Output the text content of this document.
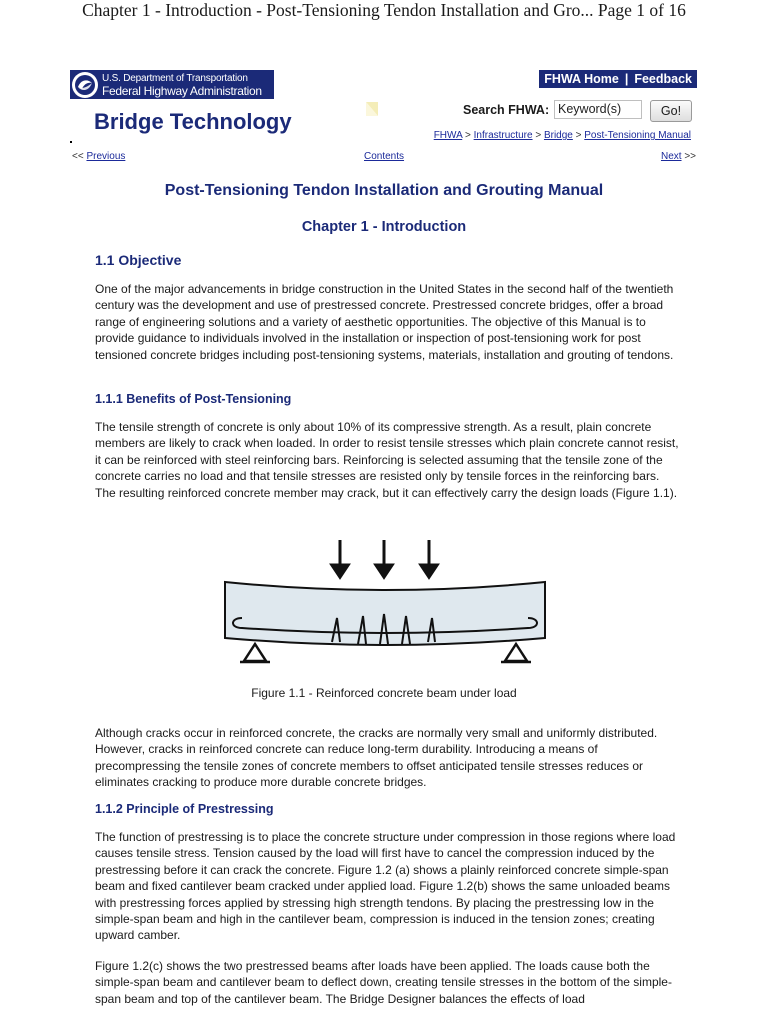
Chapter 1 - Introduction - Post-Tensioning Tendon Installation and Gro... Page 1 of 16
U.S. Department of Transportation
Federal Highway Administration
Bridge Technology
FHWA Home | Feedback
Search FHWA: Keyword(s)	Go!
FHWA > Infrastructure > Bridge > Post-Tensioning Manual
<< Previous	Contents	Next >>
Post-Tensioning Tendon Installation and Grouting Manual
Chapter 1 - Introduction
1.1 Objective

One of the major advancements in bridge construction in the United States in the second half of the twentieth century was the development and use of prestressed concrete. Prestressed concrete bridges, offer a broad range of engineering solutions and a variety of aesthetic opportunities. The objective of this Manual is to provide guidance to individuals involved in the installation or inspection of post-tensioning work for post tensioned concrete bridges including post-tensioning systems, materials, installation and grouting of tendons.

1.1.1 Benefits of Post-Tensioning

The tensile strength of concrete is only about 10% of its compressive strength. As a result, plain concrete members are likely to crack when loaded. In order to resist tensile stresses which plain concrete cannot resist, it can be reinforced with steel reinforcing bars. Reinforcing is selected assuming that the tensile zone of the concrete carries no load and that tensile stresses are resisted only by tensile forces in the reinforcing bars. The resulting reinforced concrete member may crack, but it can effectively carry the design loads (Figure 1.1).

Figure 1.1 - Reinforced concrete beam under load

Although cracks occur in reinforced concrete, the cracks are normally very small and uniformly distributed. However, cracks in reinforced concrete can reduce long-term durability. Introducing a means of precompressing the tensile zones of concrete members to offset anticipated tensile stresses reduces or eliminates cracking to produce more durable concrete bridges.

1.1.2 Principle of Prestressing

The function of prestressing is to place the concrete structure under compression in those regions where load causes tensile stress. Tension caused by the load will first have to cancel the compression induced by the prestressing before it can crack the concrete. Figure 1.2 (a) shows a plainly reinforced concrete simple-span beam and fixed cantilever beam cracked under applied load. Figure 1.2(b) shows the same unloaded beams with prestressing forces applied by stressing high strength tendons. By placing the prestressing low in the simple-span beam and high in the cantilever beam, compression is induced in the tension zones; creating upward camber.

Figure 1.2(c) shows the two prestressed beams after loads have been applied. The loads cause both the simple-span beam and cantilever beam to deflect down, creating tensile stresses in the bottom of the simple-span beam and top of the cantilever beam. The Bridge Designer balances the effects of load
